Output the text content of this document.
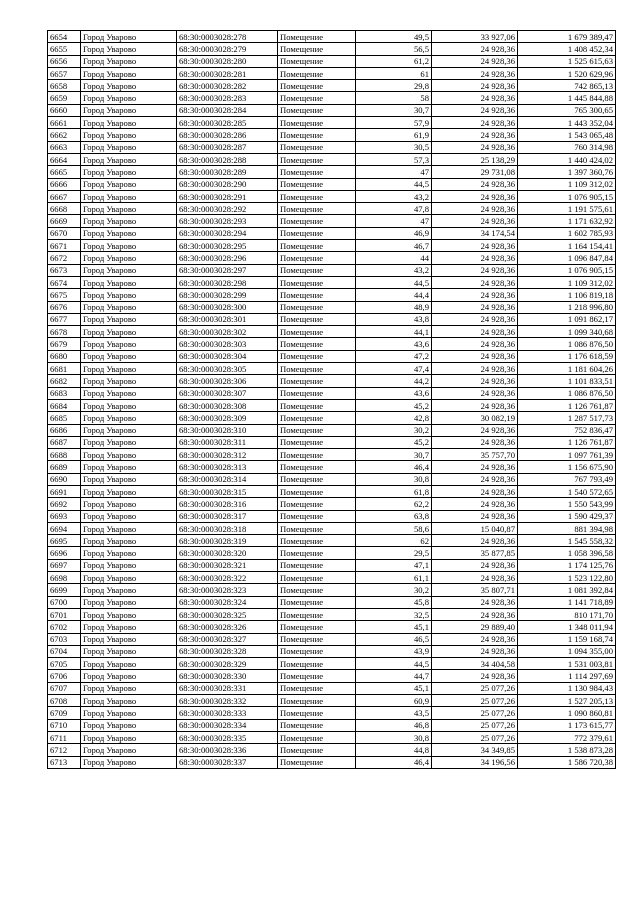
6654	Город Уварово	68:30:0003028:278	Помещение	49,5	33 927,06	1 679 389,47
6655	Город Уварово	68:30:0003028:279	Помещение	56,5	24 928,36	1 408 452,34
6656	Город Уварово	68:30:0003028:280	Помещение	61,2	24 928,36	1 525 615,63
6657	Город Уварово	68:30:0003028:281	Помещение	61	24 928,36	1 520 629,96
6658	Город Уварово	68:30:0003028:282	Помещение	29,8	24 928,36	742 865,13
6659	Город Уварово	68:30:0003028:283	Помещение	58	24 928,36	1 445 844,88
6660	Город Уварово	68:30:0003028:284	Помещение	30,7	24 928,36	765 300,65
6661	Город Уварово	68:30:0003028:285	Помещение	57,9	24 928,36	1 443 352,04
6662	Город Уварово	68:30:0003028:286	Помещение	61,9	24 928,36	1 543 065,48
6663	Город Уварово	68:30:0003028:287	Помещение	30,5	24 928,36	760 314,98
6664	Город Уварово	68:30:0003028:288	Помещение	57,3	25 138,29	1 440 424,02
6665	Город Уварово	68:30:0003028:289	Помещение	47	29 731,08	1 397 360,76
6666	Город Уварово	68:30:0003028:290	Помещение	44,5	24 928,36	1 109 312,02
6667	Город Уварово	68:30:0003028:291	Помещение	43,2	24 928,36	1 076 905,15
6668	Город Уварово	68:30:0003028:292	Помещение	47,8	24 928,36	1 191 575,61
6669	Город Уварово	68:30:0003028:293	Помещение	47	24 928,36	1 171 632,92
6670	Город Уварово	68:30:0003028:294	Помещение	46,9	34 174,54	1 602 785,93
6671	Город Уварово	68:30:0003028:295	Помещение	46,7	24 928,36	1 164 154,41
6672	Город Уварово	68:30:0003028:296	Помещение	44	24 928,36	1 096 847,84
6673	Город Уварово	68:30:0003028:297	Помещение	43,2	24 928,36	1 076 905,15
6674	Город Уварово	68:30:0003028:298	Помещение	44,5	24 928,36	1 109 312,02
6675	Город Уварово	68:30:0003028:299	Помещение	44,4	24 928,36	1 106 819,18
6676	Город Уварово	68:30:0003028:300	Помещение	48,9	24 928,36	1 218 996,80
6677	Город Уварово	68:30:0003028:301	Помещение	43,8	24 928,36	1 091 862,17
6678	Город Уварово	68:30:0003028:302	Помещение	44,1	24 928,36	1 099 340,68
6679	Город Уварово	68:30:0003028:303	Помещение	43,6	24 928,36	1 086 876,50
6680	Город Уварово	68:30:0003028:304	Помещение	47,2	24 928,36	1 176 618,59
6681	Город Уварово	68:30:0003028:305	Помещение	47,4	24 928,36	1 181 604,26
6682	Город Уварово	68:30:0003028:306	Помещение	44,2	24 928,36	1 101 833,51
6683	Город Уварово	68:30:0003028:307	Помещение	43,6	24 928,36	1 086 876,50
6684	Город Уварово	68:30:0003028:308	Помещение	45,2	24 928,36	1 126 761,87
6685	Город Уварово	68:30:0003028:309	Помещение	42,8	30 082,19	1 287 517,73
6686	Город Уварово	68:30:0003028:310	Помещение	30,2	24 928,36	752 836,47
6687	Город Уварово	68:30:0003028:311	Помещение	45,2	24 928,36	1 126 761,87
6688	Город Уварово	68:30:0003028:312	Помещение	30,7	35 757,70	1 097 761,39
6689	Город Уварово	68:30:0003028:313	Помещение	46,4	24 928,36	1 156 675,90
6690	Город Уварово	68:30:0003028:314	Помещение	30,8	24 928,36	767 793,49
6691	Город Уварово	68:30:0003028:315	Помещение	61,8	24 928,36	1 540 572,65
6692	Город Уварово	68:30:0003028:316	Помещение	62,2	24 928,36	1 550 543,99
6693	Город Уварово	68:30:0003028:317	Помещение	63,8	24 928,36	1 590 429,37
6694	Город Уварово	68:30:0003028:318	Помещение	58,6	15 040,87	881 394,98
6695	Город Уварово	68:30:0003028:319	Помещение	62	24 928,36	1 545 558,32
6696	Город Уварово	68:30:0003028:320	Помещение	29,5	35 877,85	1 058 396,58
6697	Город Уварово	68:30:0003028:321	Помещение	47,1	24 928,36	1 174 125,76
6698	Город Уварово	68:30:0003028:322	Помещение	61,1	24 928,36	1 523 122,80
6699	Город Уварово	68:30:0003028:323	Помещение	30,2	35 807,71	1 081 392,84
6700	Город Уварово	68:30:0003028:324	Помещение	45,8	24 928,36	1 141 718,89
6701	Город Уварово	68:30:0003028:325	Помещение	32,5	24 928,36	810 171,70
6702	Город Уварово	68:30:0003028:326	Помещение	45,1	29 889,40	1 348 011,94
6703	Город Уварово	68:30:0003028:327	Помещение	46,5	24 928,36	1 159 168,74
6704	Город Уварово	68:30:0003028:328	Помещение	43,9	24 928,36	1 094 355,00
6705	Город Уварово	68:30:0003028:329	Помещение	44,5	34 404,58	1 531 003,81
6706	Город Уварово	68:30:0003028:330	Помещение	44,7	24 928,36	1 114 297,69
6707	Город Уварово	68:30:0003028:331	Помещение	45,1	25 077,26	1 130 984,43
6708	Город Уварово	68:30:0003028:332	Помещение	60,9	25 077,26	1 527 205,13
6709	Город Уварово	68:30:0003028:333	Помещение	43,5	25 077,26	1 090 860,81
6710	Город Уварово	68:30:0003028:334	Помещение	46,8	25 077,26	1 173 615,77
6711	Город Уварово	68:30:0003028:335	Помещение	30,8	25 077,26	772 379,61
6712	Город Уварово	68:30:0003028:336	Помещение	44,8	34 349,85	1 538 873,28
6713	Город Уварово	68:30:0003028:337	Помещение	46,4	34 196,56	1 586 720,38
